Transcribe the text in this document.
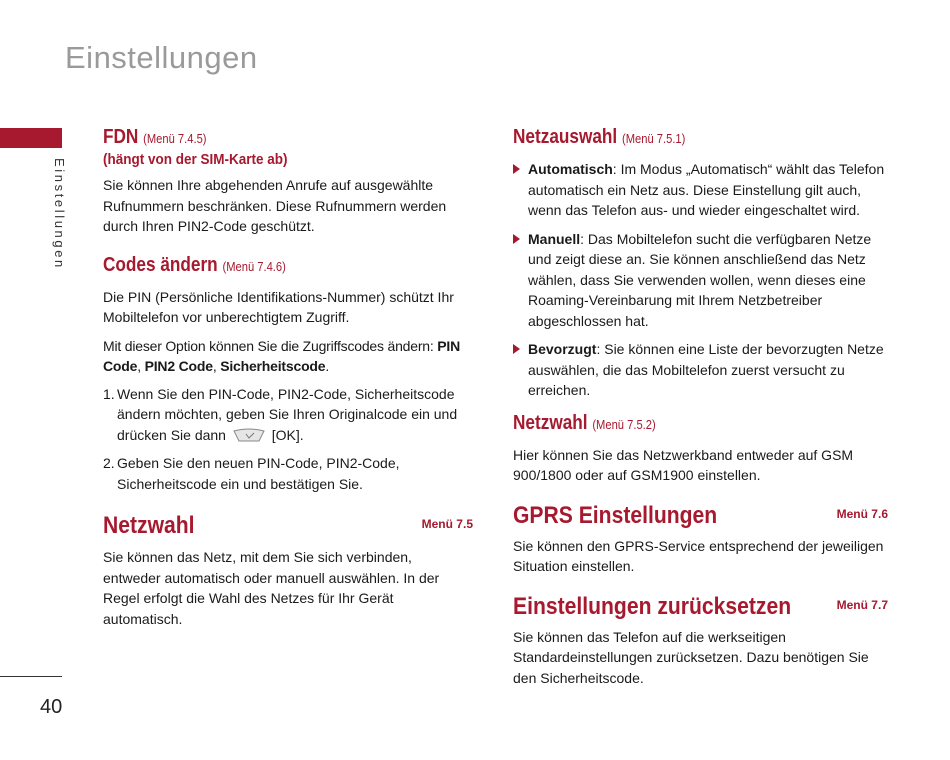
Einstellungen
Einstellungen
40
FDN (Menü 7.4.5)
(hängt von der SIM-Karte ab)

Sie können Ihre abgehenden Anrufe auf ausgewählte Rufnummern beschränken. Diese Rufnummern werden durch Ihren PIN2-Code geschützt.

Codes ändern (Menü 7.4.6)

Die PIN (Persönliche Identifikations-Nummer) schützt Ihr Mobiltelefon vor unberechtigtem Zugriff.

Mit dieser Option können Sie die Zugriffscodes ändern: PIN Code, PIN2 Code, Sicherheitscode.

1. Wenn Sie den PIN-Code, PIN2-Code, Sicherheitscode ändern möchten, geben Sie Ihren Originalcode ein und drücken Sie dann	[OK].
2. Geben Sie den neuen PIN-Code, PIN2-Code, Sicherheitscode ein und bestätigen Sie.
Netzwahl	Menü 7.5

Sie können das Netz, mit dem Sie sich verbinden, entweder automatisch oder manuell auswählen. In der Regel erfolgt die Wahl des Netzes für Ihr Gerät automatisch.

Netzauswahl (Menü 7.5.1)
Automatisch: Im Modus „Automatisch“ wählt das Telefon automatisch ein Netz aus. Diese Einstellung gilt auch, wenn das Telefon aus- und wieder eingeschaltet wird.
Manuell: Das Mobiltelefon sucht die verfügbaren Netze und zeigt diese an. Sie können anschließend das Netz wählen, dass Sie verwenden wollen, wenn dieses eine Roaming-Vereinbarung mit Ihrem Netzbetreiber abgeschlossen hat.
Bevorzugt: Sie können eine Liste der bevorzugten Netze auswählen, die das Mobiltelefon zuerst versucht zu erreichen.
Netzwahl (Menü 7.5.2)

Hier können Sie das Netzwerkband entweder auf GSM 900/1800 oder auf GSM1900 einstellen.

GPRS Einstellungen	Menü 7.6

Sie können den GPRS-Service entsprechend der jeweiligen Situation einstellen.

Einstellungen zurücksetzen	Menü 7.7

Sie können das Telefon auf die werkseitigen Standardeinstellungen zurücksetzen. Dazu benötigen Sie den Sicherheitscode.
